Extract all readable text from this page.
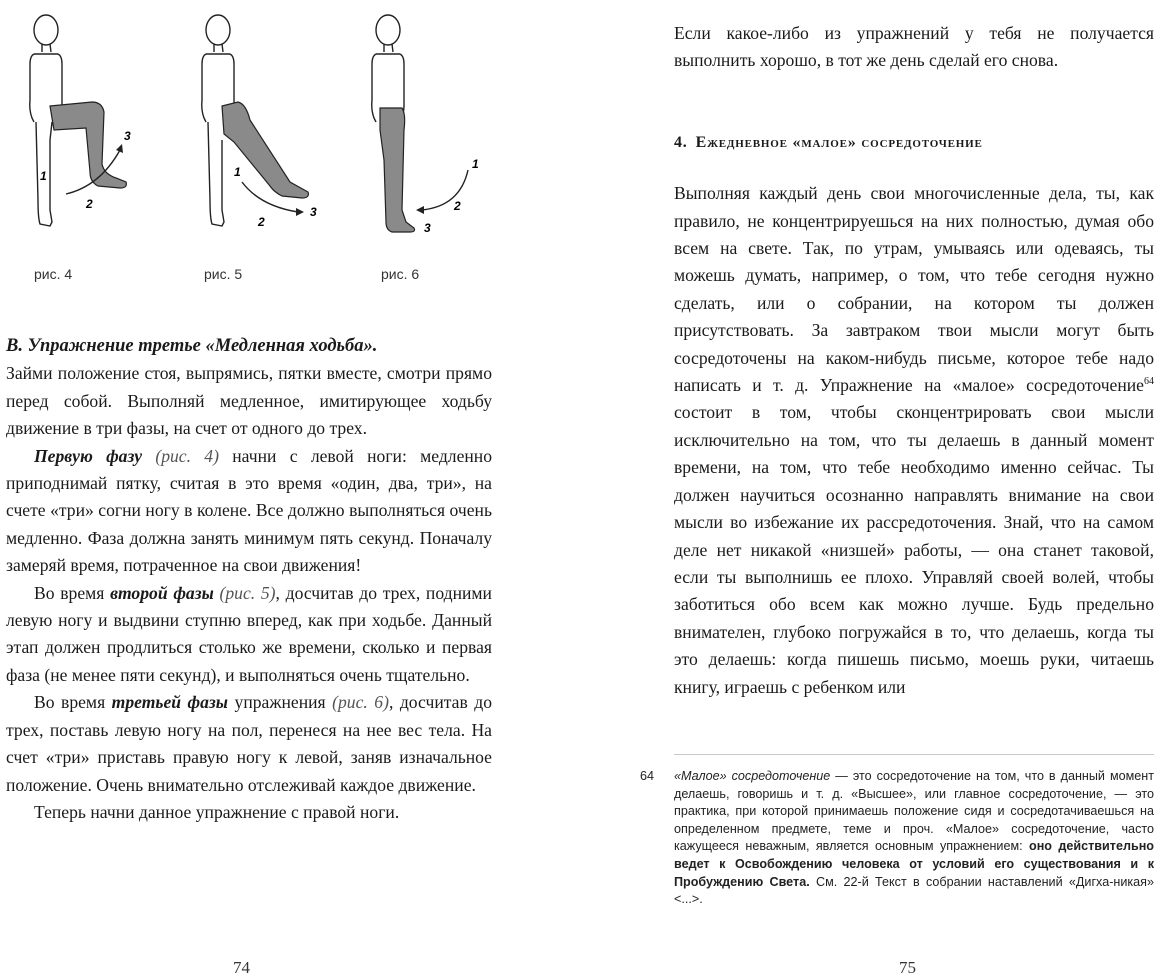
1
2
3
рис. 4
1
2
3
рис. 5
1
2
3
рис. 6

В. Упражнение третье «Медленная ходьба».

Займи положение стоя, выпрямись, пятки вместе, смотри прямо перед собой. Выполняй медленное, имитирующее ходьбу движение в три фазы, на счет от одного до трех.

Первую фазу (рис. 4) начни с левой ноги: медленно приподнимай пятку, считая в это время «один, два, три», на счете «три» согни ногу в колене. Все должно выполняться очень медленно. Фаза должна занять минимум пять секунд. Поначалу замеряй время, потраченное на свои движения!

Во время второй фазы (рис. 5), досчитав до трех, подними левую ногу и выдвини ступню вперед, как при ходьбе. Данный этап должен продлиться столько же времени, сколько и первая фаза (не менее пяти секунд), и выполняться очень тщательно.

Во время третьей фазы упражнения (рис. 6), досчитав до трех, поставь левую ногу на пол, перенеся на нее вес тела. На счет «три» приставь правую ногу к левой, заняв изначальное положение. Очень внимательно отслеживай каждое движение.

Теперь начни данное упражнение с правой ноги.

74

Если какое-либо из упражнений у тебя не получается выполнить хорошо, в тот же день сделай его снова.

4. Ежедневное «малое» сосредоточение

Выполняя каждый день свои многочисленные дела, ты, как правило, не концентрируешься на них полностью, думая обо всем на свете. Так, по утрам, умываясь или одеваясь, ты можешь думать, например, о том, что тебе сегодня нужно сделать, или о собрании, на котором ты должен присутствовать. За завтраком твои мысли могут быть сосредоточены на каком-нибудь письме, которое тебе надо написать и т. д. Упражнение на «малое» сосредоточение$^{64}$ состоит в том, чтобы сконцентрировать свои мысли исключительно на том, что ты делаешь в данный момент времени, на том, что тебе необходимо именно сейчас. Ты должен научиться осознанно направлять внимание на свои мысли во избежание их рассредоточения. Знай, что на самом деле нет никакой «низшей» работы, — она станет таковой, если ты выполнишь ее плохо. Управляй своей волей, чтобы заботиться обо всем как можно лучше. Будь предельно внимателен, глубоко погружайся в то, что делаешь, когда ты это делаешь: когда пишешь письмо, моешь руки, читаешь книгу, играешь с ребенком или

64 «Малое» сосредоточение — это сосредоточение на том, что в данный момент делаешь, говоришь и т. д. «Высшее», или главное сосредоточение, — это практика, при которой принимаешь положение сидя и сосредотачиваешься на определенном предмете, теме и проч. «Малое» сосредоточение, часто кажущееся неважным, является основным упражнением: оно действительно ведет к Освобождению человека от условий его существования и к Пробуждению Света. См. 22-й Текст в собрании наставлений «Дигха-никая» <...>.
75
